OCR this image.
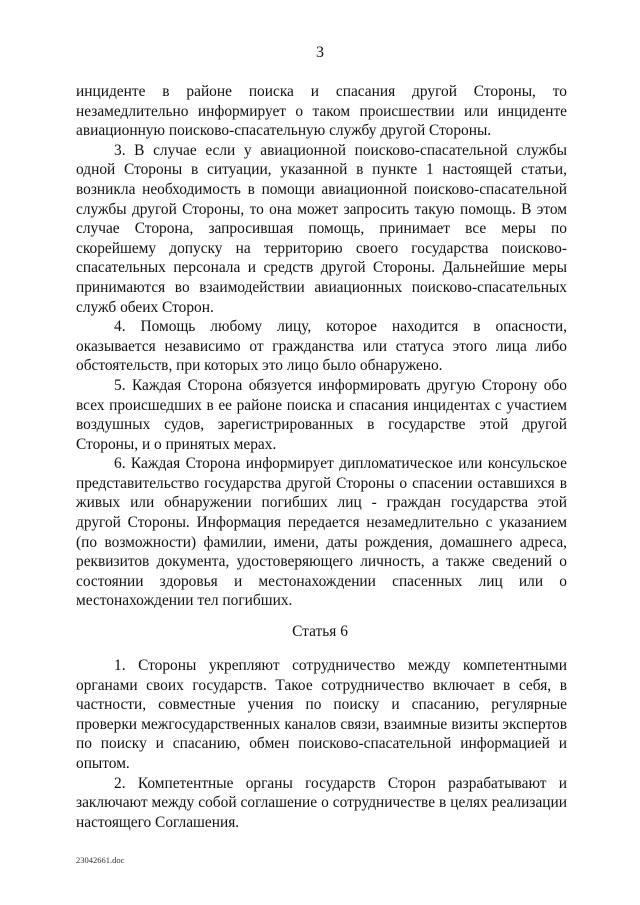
3

инциденте в районе поиска и спасания другой Стороны, то незамедлительно информирует о таком происшествии или инциденте авиационную поисково-спасательную службу другой Стороны.

3. В случае если у авиационной поисково-спасательной службы одной Стороны в ситуации, указанной в пункте 1 настоящей статьи, возникла необходимость в помощи авиационной поисково-спасательной службы другой Стороны, то она может запросить такую помощь. В этом случае Сторона, запросившая помощь, принимает все меры по скорейшему допуску на территорию своего государства поисково-спасательных персонала и средств другой Стороны. Дальнейшие меры принимаются во взаимодействии авиационных поисково-спасательных служб обеих Сторон.

4. Помощь любому лицу, которое находится в опасности, оказывается независимо от гражданства или статуса этого лица либо обстоятельств, при которых это лицо было обнаружено.

5. Каждая Сторона обязуется информировать другую Сторону обо всех происшедших в ее районе поиска и спасания инцидентах с участием воздушных судов, зарегистрированных в государстве этой другой Стороны, и о принятых мерах.

6. Каждая Сторона информирует дипломатическое или консульское представительство государства другой Стороны о спасении оставшихся в живых или обнаружении погибших лиц - граждан государства этой другой Стороны. Информация передается незамедлительно с указанием (по возможности) фамилии, имени, даты рождения, домашнего адреса, реквизитов документа, удостоверяющего личность, а также сведений о состоянии здоровья и местонахождении спасенных лиц или о местонахождении тел погибших.

Статья 6

1. Стороны укрепляют сотрудничество между компетентными органами своих государств. Такое сотрудничество включает в себя, в частности, совместные учения по поиску и спасанию, регулярные проверки межгосударственных каналов связи, взаимные визиты экспертов по поиску и спасанию, обмен поисково-спасательной информацией и опытом.

2. Компетентные органы государств Сторон разрабатывают и заключают между собой соглашение о сотрудничестве в целях реализации настоящего Соглашения.

23042661.doc
